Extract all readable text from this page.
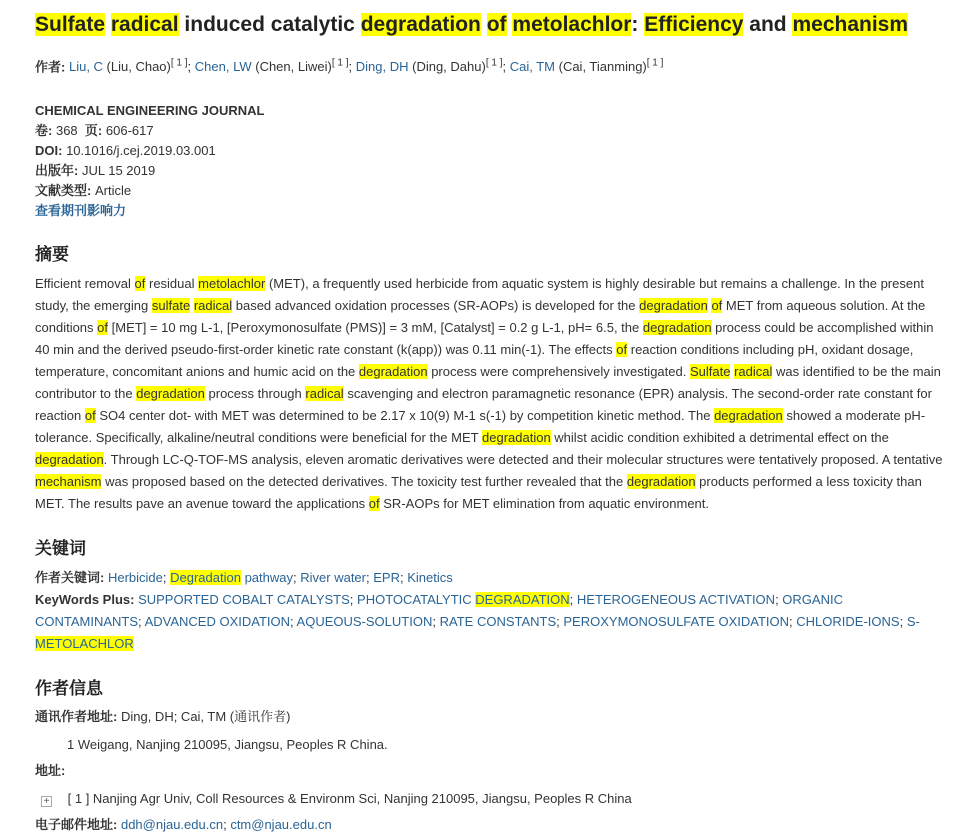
Sulfate radical induced catalytic degradation of metolachlor: Efficiency and mechanism
作者: Liu, C (Liu, Chao)[ 1 ]; Chen, LW (Chen, Liwei)[ 1 ]; Ding, DH (Ding, Dahu)[ 1 ]; Cai, TM (Cai, Tianming)[ 1 ]
CHEMICAL ENGINEERING JOURNAL
卷: 368 页: 606-617
DOI: 10.1016/j.cej.2019.03.001
出版年: JUL 15 2019
文献类型: Article
查看期刊影响力
摘要

Efficient removal of residual metolachlor (MET), a frequently used herbicide from aquatic system is highly desirable but remains a challenge. In the present study, the emerging sulfate radical based advanced oxidation processes (SR-AOPs) is developed for the degradation of MET from aqueous solution. At the conditions of [MET] = 10 mg L-1, [Peroxymonosulfate (PMS)] = 3 mM, [Catalyst] = 0.2 g L-1, pH= 6.5, the degradation process could be accomplished within 40 min and the derived pseudo-first-order kinetic rate constant (k(app)) was 0.11 min(-1). The effects of reaction conditions including pH, oxidant dosage, temperature, concomitant anions and humic acid on the degradation process were comprehensively investigated. Sulfate radical was identified to be the main contributor to the degradation process through radical scavenging and electron paramagnetic resonance (EPR) analysis. The second-order rate constant for reaction of SO4 center dot- with MET was determined to be 2.17 x 10(9) M-1 s(-1) by competition kinetic method. The degradation showed a moderate pH-tolerance. Specifically, alkaline/neutral conditions were beneficial for the MET degradation whilst acidic condition exhibited a detrimental effect on the degradation. Through LC-Q-TOF-MS analysis, eleven aromatic derivatives were detected and their molecular structures were tentatively proposed. A tentative mechanism was proposed based on the detected derivatives. The toxicity test further revealed that the degradation products performed a less toxicity than MET. The results pave an avenue toward the applications of SR-AOPs for MET elimination from aquatic environment.

关键词

作者关键词: Herbicide; Degradation pathway; River water; EPR; Kinetics

KeyWords Plus: SUPPORTED COBALT CATALYSTS; PHOTOCATALYTIC DEGRADATION; HETEROGENEOUS ACTIVATION; ORGANIC CONTAMINANTS; ADVANCED OXIDATION; AQUEOUS-SOLUTION; RATE CONSTANTS; PEROXYMONOSULFATE OXIDATION; CHLORIDE-IONS; S-METOLACHLOR

作者信息
通讯作者地址: Ding, DH; Cai, TM (通讯作者)
1 Weigang, Nanjing 210095, Jiangsu, Peoples R China.
地址:
+ [ 1 ] Nanjing Agr Univ, Coll Resources & Environm Sci, Nanjing 210095, Jiangsu, Peoples R China
电子邮件地址: ddh@njau.edu.cn; ctm@njau.edu.cn
